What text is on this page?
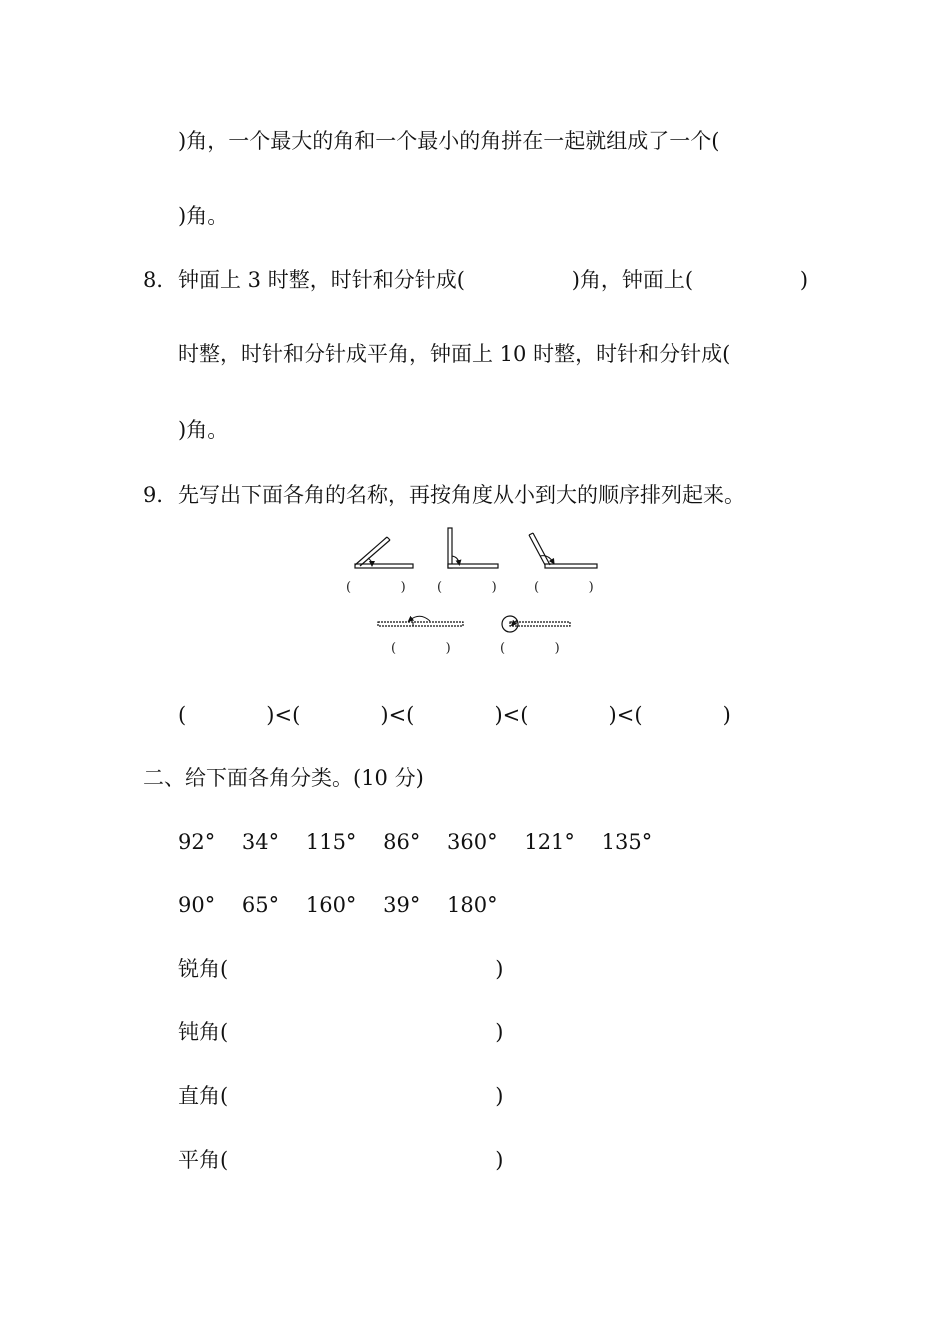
)角，一个最大的角和一个最小的角拼在一起就组成了一个(
)角。
8． 钟面上 3 时整，时针和分针成(                )角，钟面上(                )
时整，时针和分针成平角，钟面上 10 时整，时针和分针成(
)角。
9． 先写出下面各角的名称，再按角度从小到大的顺序排列起来。
(            ) (            )	(            )
(            )	(            )
(            )<(            )<(            )<(            )<(            )
二、给下面各角分类。(10 分)
92°    34°    115°    86°    360°    121°    135°
90°    65°    160°    39°    180°
锐角(                                        )
钝角(                                        )
直角(                                        )
平角(                                        )
